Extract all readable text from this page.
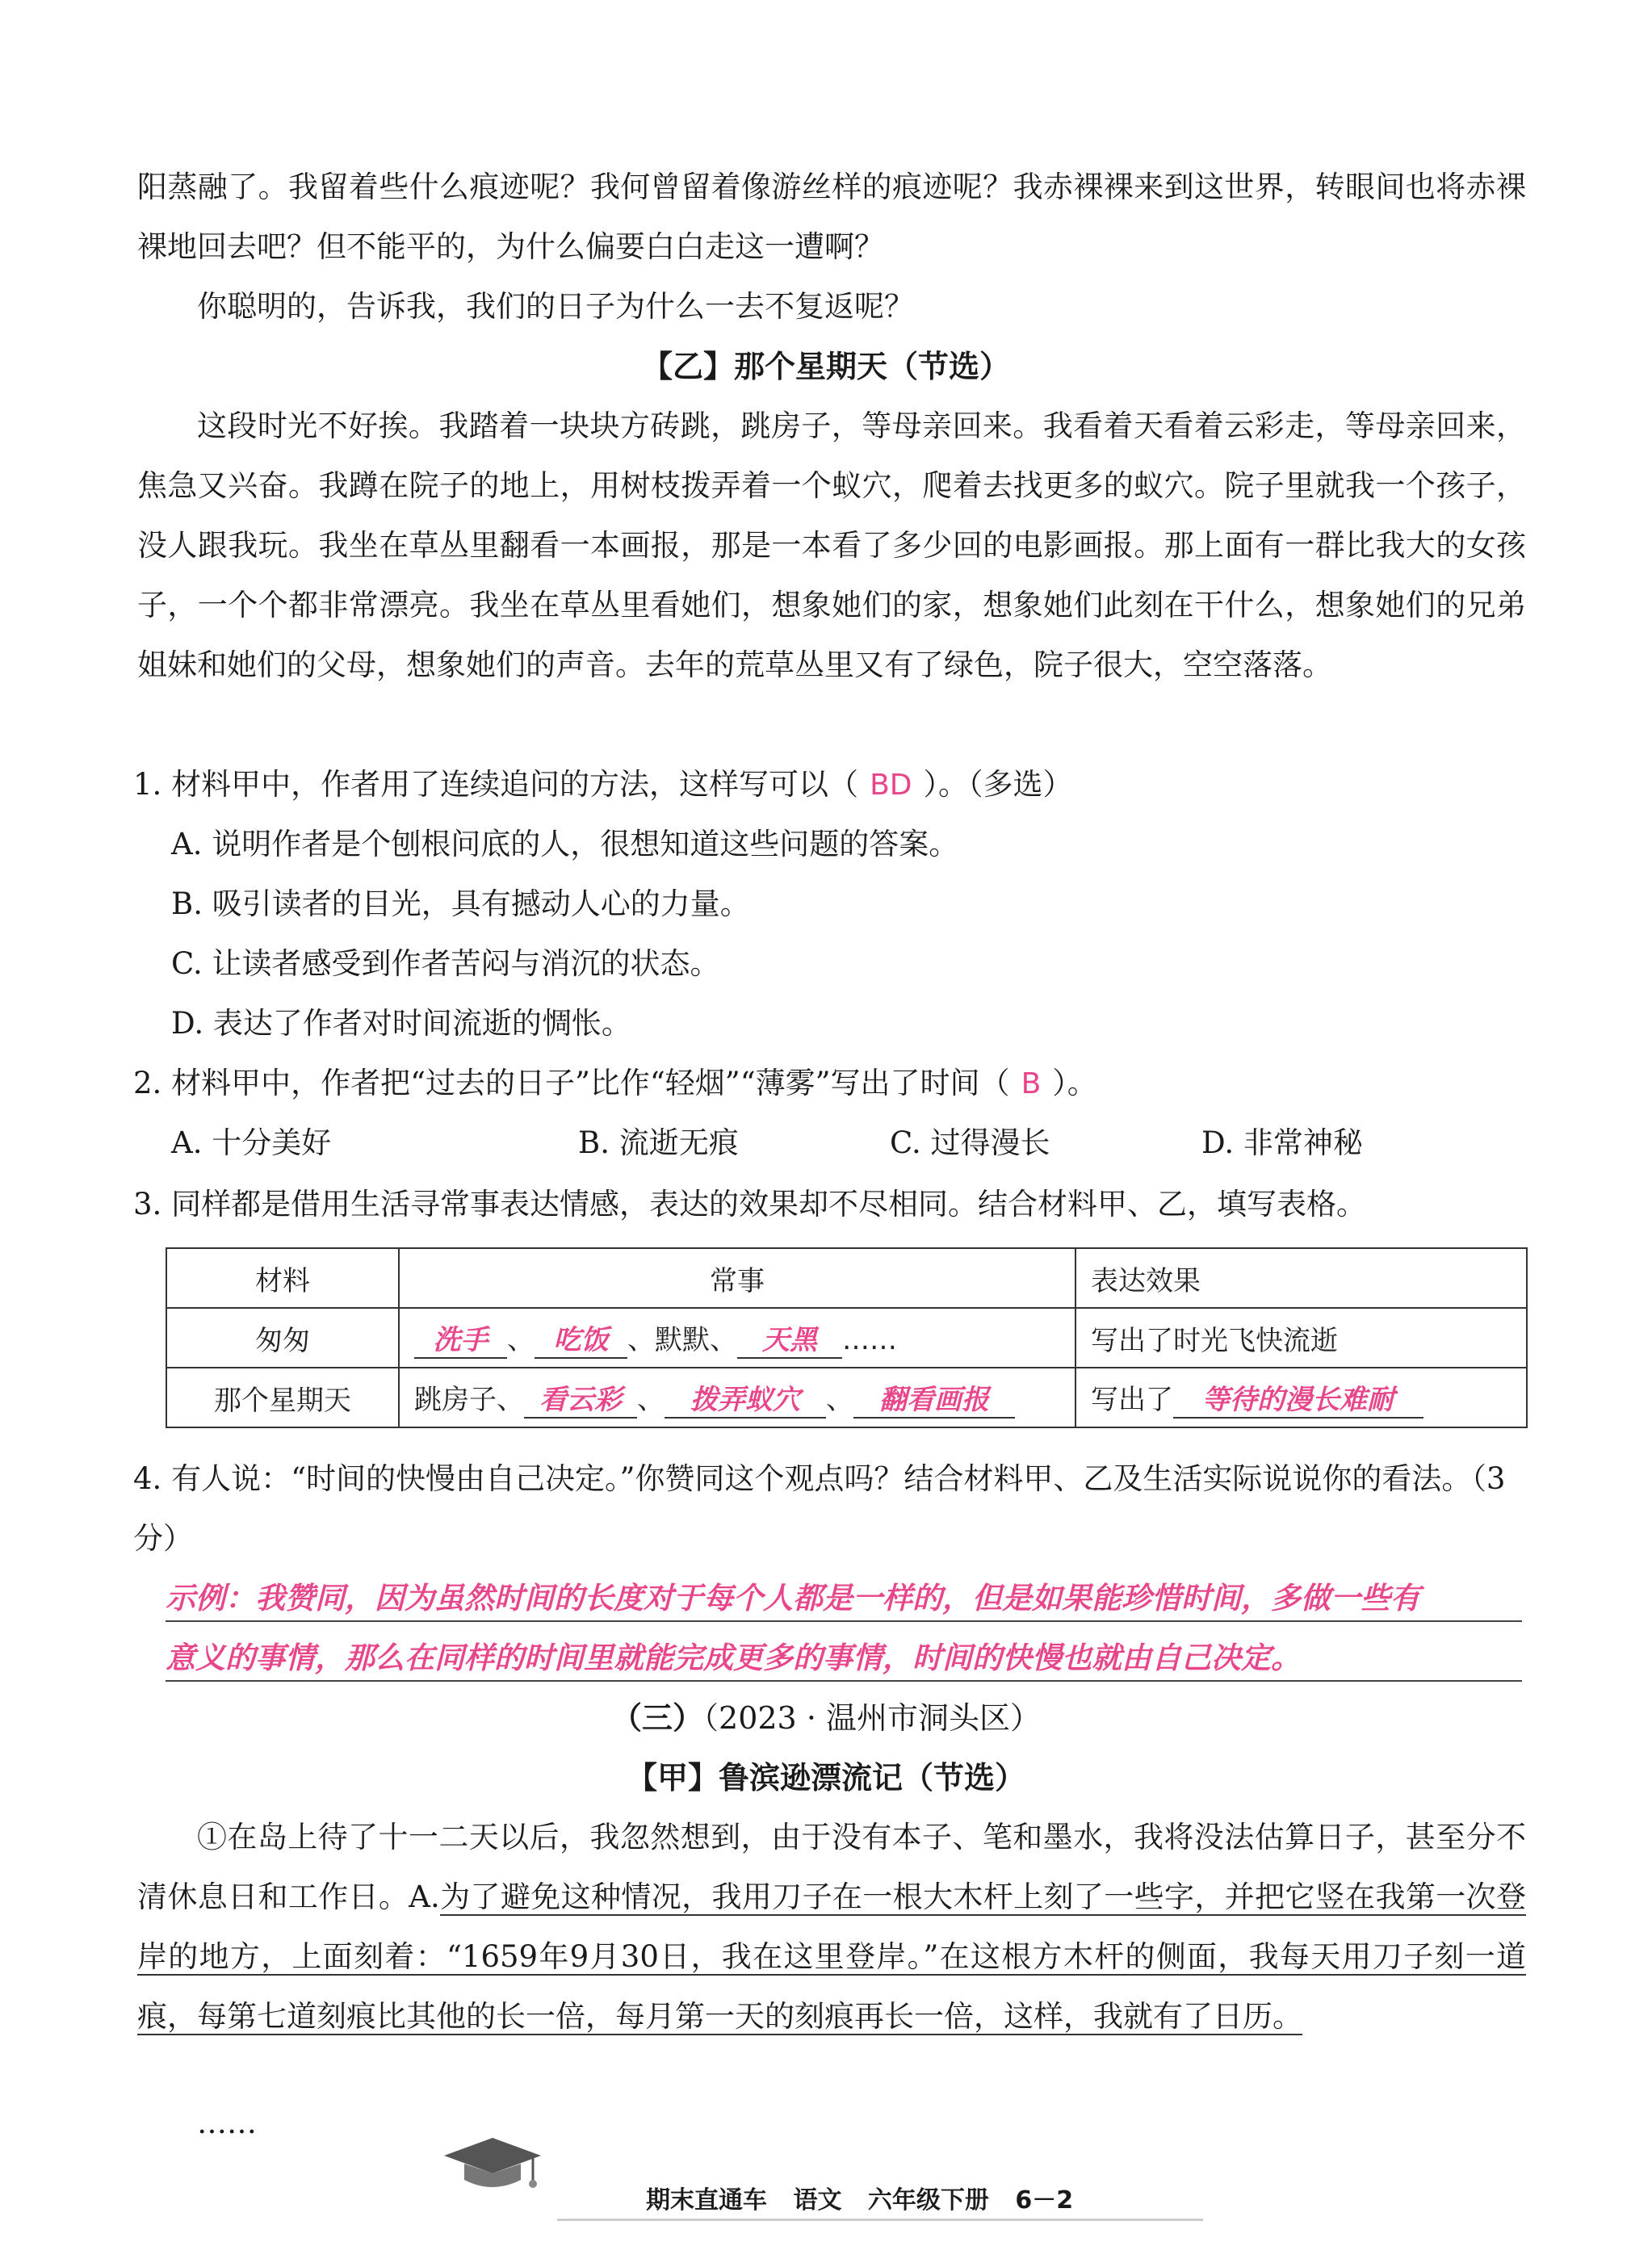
阳蒸融了。我留着些什么痕迹呢？我何曾留着像游丝样的痕迹呢？我赤裸裸来到这世界，转眼间也将赤裸裸地回去吧？但不能平的，为什么偏要白白走这一遭啊？
你聪明的，告诉我，我们的日子为什么一去不复返呢？
【乙】那个星期天（节选）
这段时光不好挨。我踏着一块块方砖跳，跳房子，等母亲回来。我看着天看着云彩走，等母亲回来，焦急又兴奋。我蹲在院子的地上，用树枝拨弄着一个蚁穴，爬着去找更多的蚁穴。院子里就我一个孩子，没人跟我玩。我坐在草丛里翻看一本画报，那是一本看了多少回的电影画报。那上面有一群比我大的女孩子，一个个都非常漂亮。我坐在草丛里看她们，想象她们的家，想象她们此刻在干什么，想象她们的兄弟姐妹和她们的父母，想象她们的声音。去年的荒草丛里又有了绿色，院子很大，空空落落。
1. 材料甲中，作者用了连续追问的方法，这样写可以（ BD ）。（多选）
A. 说明作者是个刨根问底的人，很想知道这些问题的答案。
B. 吸引读者的目光，具有撼动人心的力量。
C. 让读者感受到作者苦闷与消沉的状态。
D. 表达了作者对时间流逝的惆怅。
2. 材料甲中，作者把“过去的日子”比作“轻烟”“薄雾”写出了时间（ B ）。
A. 十分美好	B. 流逝无痕	C. 过得漫长	D. 非常神秘
3. 同样都是借用生活寻常事表达情感，表达的效果却不尽相同。结合材料甲、乙，填写表格。
材料	常事	表达效果
匆匆	洗手 、 吃饭 、默默、 天黑 ……	写出了时光飞快流逝
那个星期天	跳房子、 看云彩 、 拨弄蚁穴 、 翻看画报	写出了 等待的漫长难耐
4. 有人说：“时间的快慢由自己决定。”你赞同这个观点吗？结合材料甲、乙及生活实际说说你的看法。（3分）
示例：我赞同，因为虽然时间的长度对于每个人都是一样的，但是如果能珍惜时间，多做一些有
意义的事情，那么在同样的时间里就能完成更多的事情，时间的快慢也就由自己决定。
（三）（2023 · 温州市洞头区）
【甲】鲁滨逊漂流记（节选）
①在岛上待了十一二天以后，我忽然想到，由于没有本子、笔和墨水，我将没法估算日子，甚至分不清休息日和工作日。A.为了避免这种情况，我用刀子在一根大木杆上刻了一些字，并把它竖在我第一次登岸的地方，上面刻着：“1659年9月30日，我在这里登岸。”在这根方木杆的侧面，我每天用刀子刻一道痕，每第七道刻痕比其他的长一倍，每月第一天的刻痕再长一倍，这样，我就有了日历。
……
期末直通车 语文 六年级下册 6－2
